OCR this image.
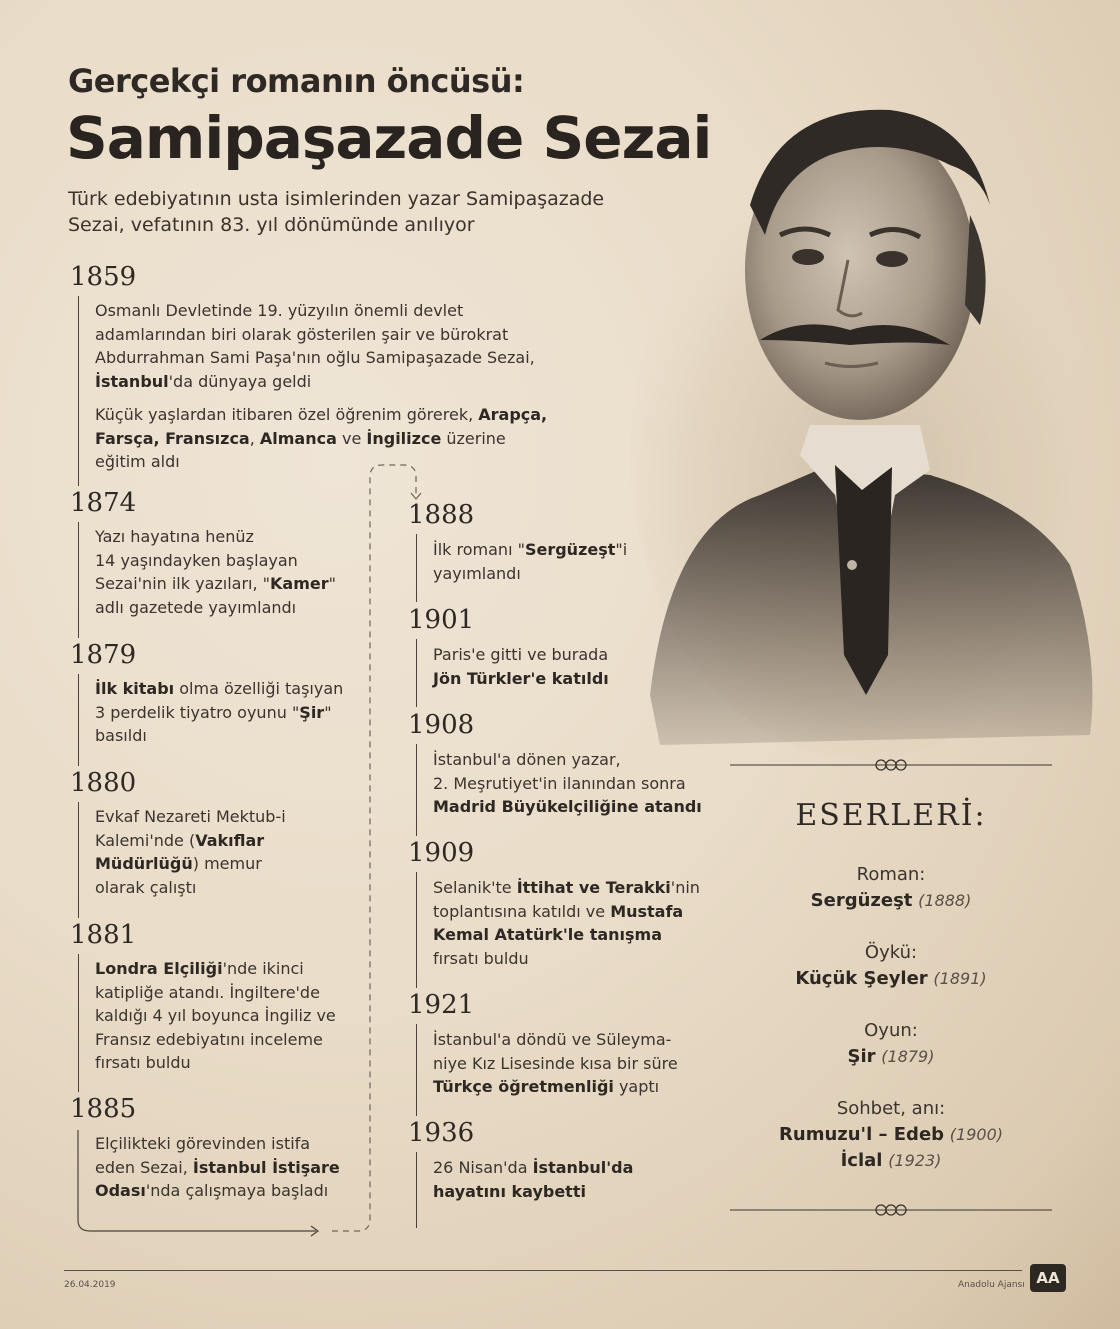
Gerçekçi romanın öncüsü:
Samipaşazade Sezai
Türk edebiyatının usta isimlerinden yazar Samipaşazade
Sezai, vefatının 83. yıl dönümünde anılıyor
1859
Osmanlı Devletinde 19. yüzyılın önemli devlet
adamlarından biri olarak gösterilen şair ve bürokrat
Abdurrahman Sami Paşa'nın oğlu Samipaşazade Sezai,
İstanbul'da dünyaya geldi
Küçük yaşlardan itibaren özel öğrenim görerek, Arapça,
Farsça, Fransızca, Almanca ve İngilizce üzerine
eğitim aldı
1874
Yazı hayatına henüz
14 yaşındayken başlayan
Sezai'nin ilk yazıları, "Kamer"
adlı gazetede yayımlandı
1879
İlk kitabı olma özelliği taşıyan
3 perdelik tiyatro oyunu "Şir"
basıldı
1880
Evkaf Nezareti Mektub-i
Kalemi'nde (Vakıflar
Müdürlüğü) memur
olarak çalıştı
1881
Londra Elçiliği'nde ikinci
katipliğe atandı. İngiltere'de
kaldığı 4 yıl boyunca İngiliz ve
Fransız edebiyatını inceleme
fırsatı buldu
1885
Elçilikteki görevinden istifa
eden Sezai, İstanbul İstişare
Odası'nda çalışmaya başladı
1888
İlk romanı "Sergüzeşt"i
yayımlandı
1901
Paris'e gitti ve burada
Jön Türkler'e katıldı
1908
İstanbul'a dönen yazar,
2. Meşrutiyet'in ilanından sonra
Madrid Büyükelçiliğine atandı
1909
Selanik'te İttihat ve Terakki'nin
toplantısına katıldı ve Mustafa
Kemal Atatürk'le tanışma
fırsatı buldu
1921
İstanbul'a döndü ve Süleyma-
niye Kız Lisesinde kısa bir süre
Türkçe öğretmenliği yaptı
1936
26 Nisan'da İstanbul'da
hayatını kaybetti
ESERLERİ:
Roman:
Sergüzeşt (1888)
Öykü:
Küçük Şeyler (1891)
Oyun:
Şir (1879)
Sohbet, anı:
Rumuzu'l – Edeb (1900)
İclal (1923)
26.04.2019	Anadolu Ajansı AA
